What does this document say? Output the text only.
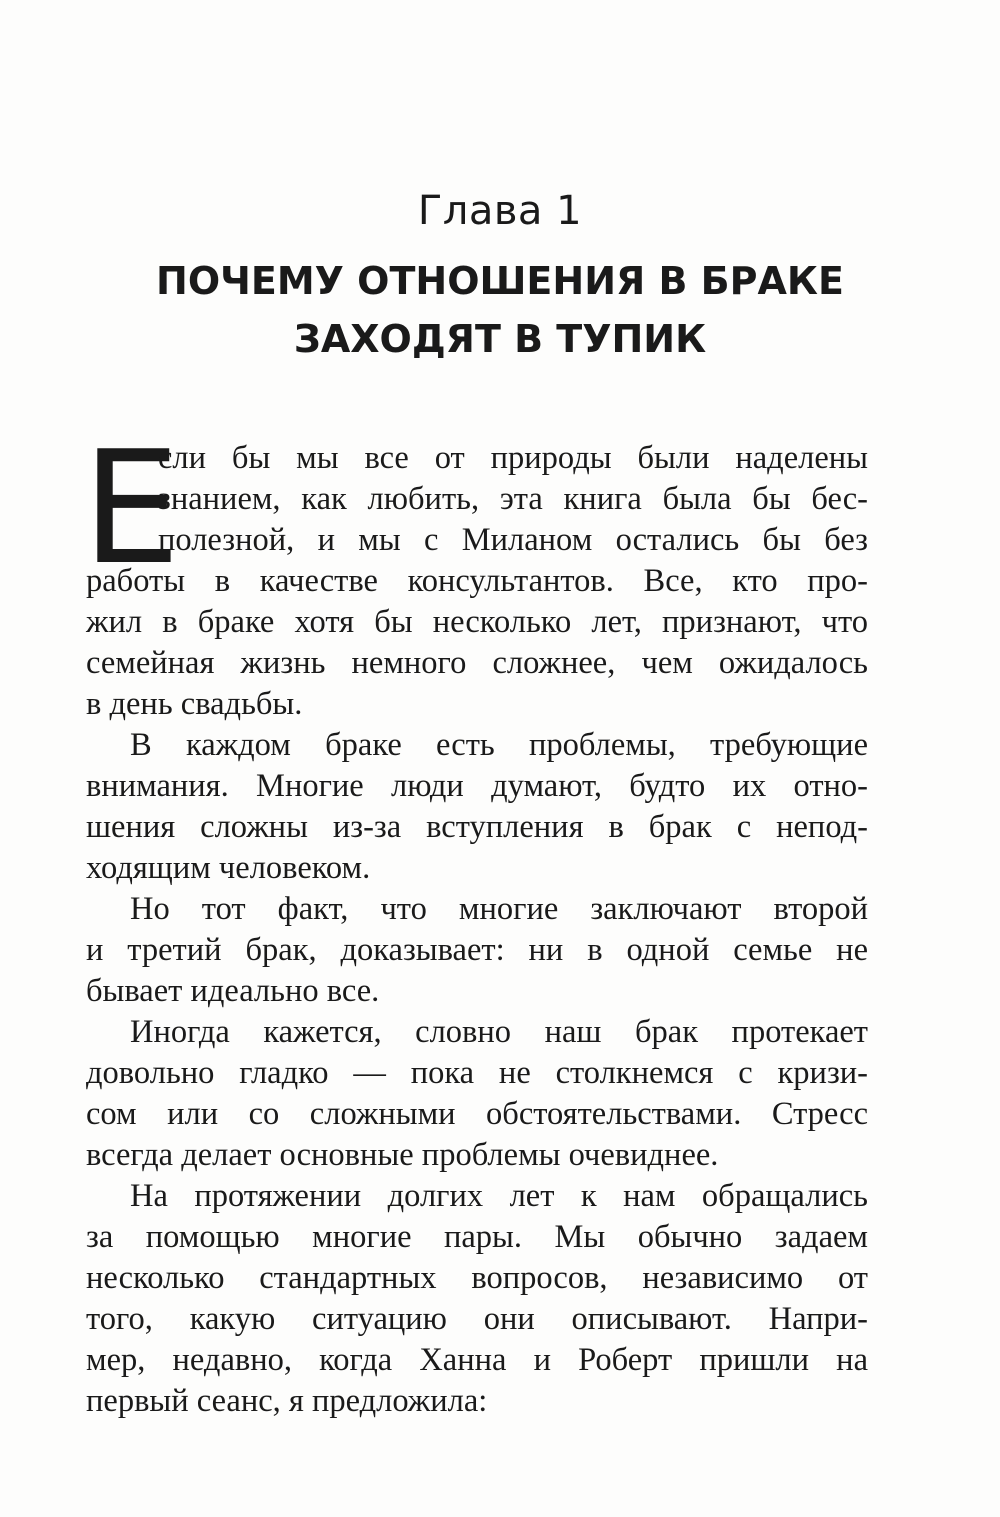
Глава 1
ПОЧЕМУ ОТНОШЕНИЯ В БРАКЕ
ЗАХОДЯТ В ТУПИК
Е
сли бы мы все от природы были наделены
знанием, как любить, эта книга была бы бес-
полезной, и мы с Миланом остались бы без
работы в качестве консультантов. Все, кто про-
жил в браке хотя бы несколько лет, признают, что
семейная жизнь немного сложнее, чем ожидалось
в день свадьбы.
В каждом браке есть проблемы, требующие
внимания. Многие люди думают, будто их отно-
шения сложны из-за вступления в брак с непод-
ходящим человеком.
Но тот факт, что многие заключают второй
и третий брак, доказывает: ни в одной семье не
бывает идеально все.
Иногда кажется, словно наш брак протекает
довольно гладко — пока не столкнемся с кризи-
сом или со сложными обстоятельствами. Стресс
всегда делает основные проблемы очевиднее.
На протяжении долгих лет к нам обращались
за помощью многие пары. Мы обычно задаем
несколько стандартных вопросов, независимо от
того, какую ситуацию они описывают. Напри-
мер, недавно, когда Ханна и Роберт пришли на
первый сеанс, я предложила:
